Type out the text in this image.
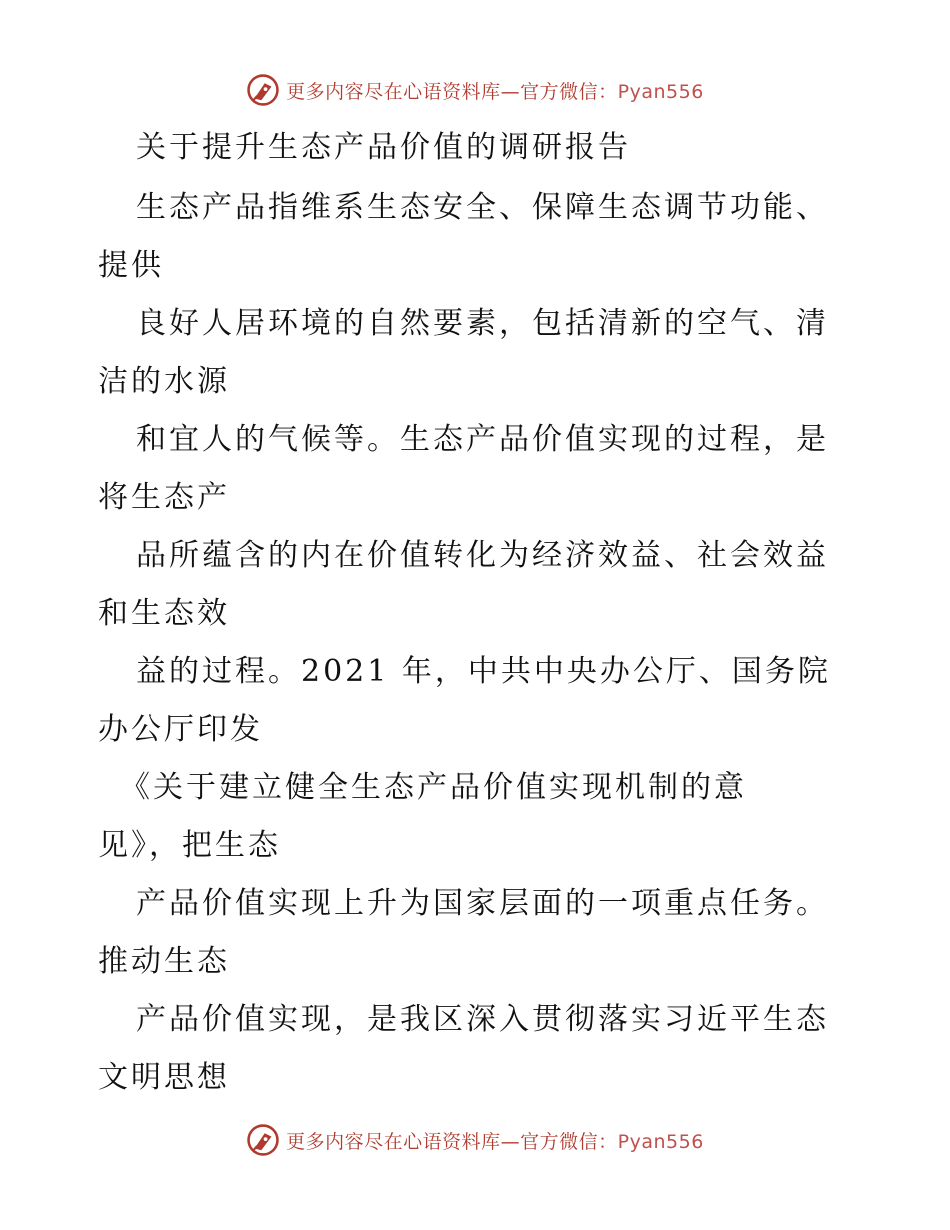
更多内容尽在心语资料库—官方微信：Pyan556
关于提升生态产品价值的调研报告
生态产品指维系生态安全、保障生态调节功能、
提供
良好人居环境的自然要素，包括清新的空气、清
洁的水源
和宜人的气候等。生态产品价值实现的过程，是
将生态产
品所蕴含的内在价值转化为经济效益、社会效益
和生态效
益的过程。2021 年，中共中央办公厅、国务院
办公厅印发
《关于建立健全生态产品价值实现机制的意
见》，把生态
产品价值实现上升为国家层面的一项重点任务。
推动生态
产品价值实现，是我区深入贯彻落实习近平生态
文明思想
更多内容尽在心语资料库—官方微信：Pyan556
